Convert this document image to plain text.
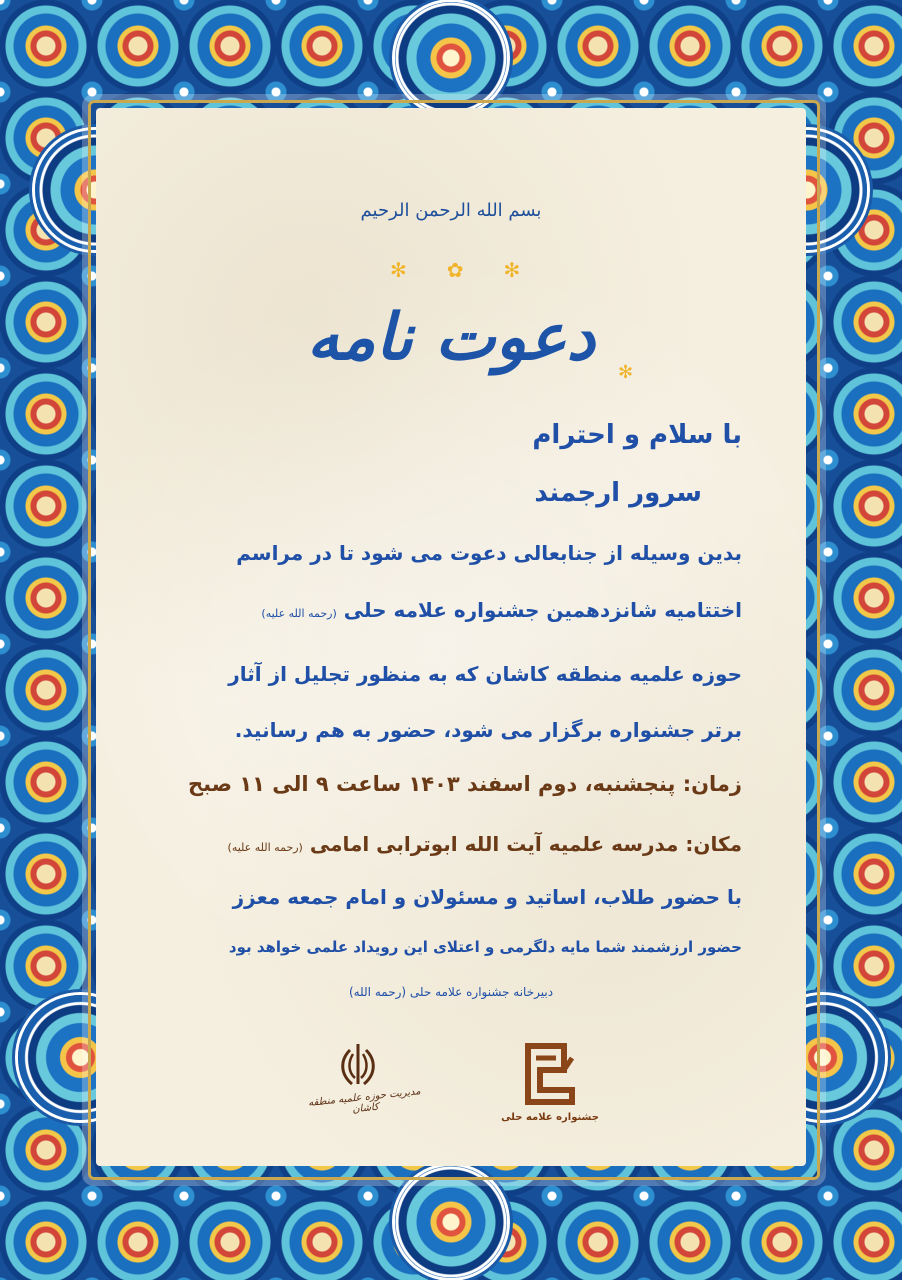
بسم الله الرحمن الرحیم
✻✿✻
دعوت نامه	✻
با سلام و احترام
سرور ارجمند
بدین وسیله از جنابعالی دعوت می شود تا در مراسم
اختتامیه شانزدهمین جشنواره علامه حلی (رحمه الله علیه)
حوزه علمیه منطقه کاشان که به منظور تجلیل از آثار
برتر جشنواره برگزار می شود، حضور به هم رسانید.
زمان: پنجشنبه، دوم اسفند ۱۴۰۳ ساعت ۹ الی ۱۱ صبح
مکان: مدرسه علمیه آیت الله ابوترابی امامی (رحمه الله علیه)
با حضور طلاب، اساتید و مسئولان و امام جمعه معزز
حضور ارزشمند شما مایه دلگرمی و اعتلای این رویداد علمی خواهد بود
دبیرخانه جشنواره علامه حلی (رحمه الله)
جشنواره علامه حلی
مدیریت حوزه علمیه منطقه کاشان
